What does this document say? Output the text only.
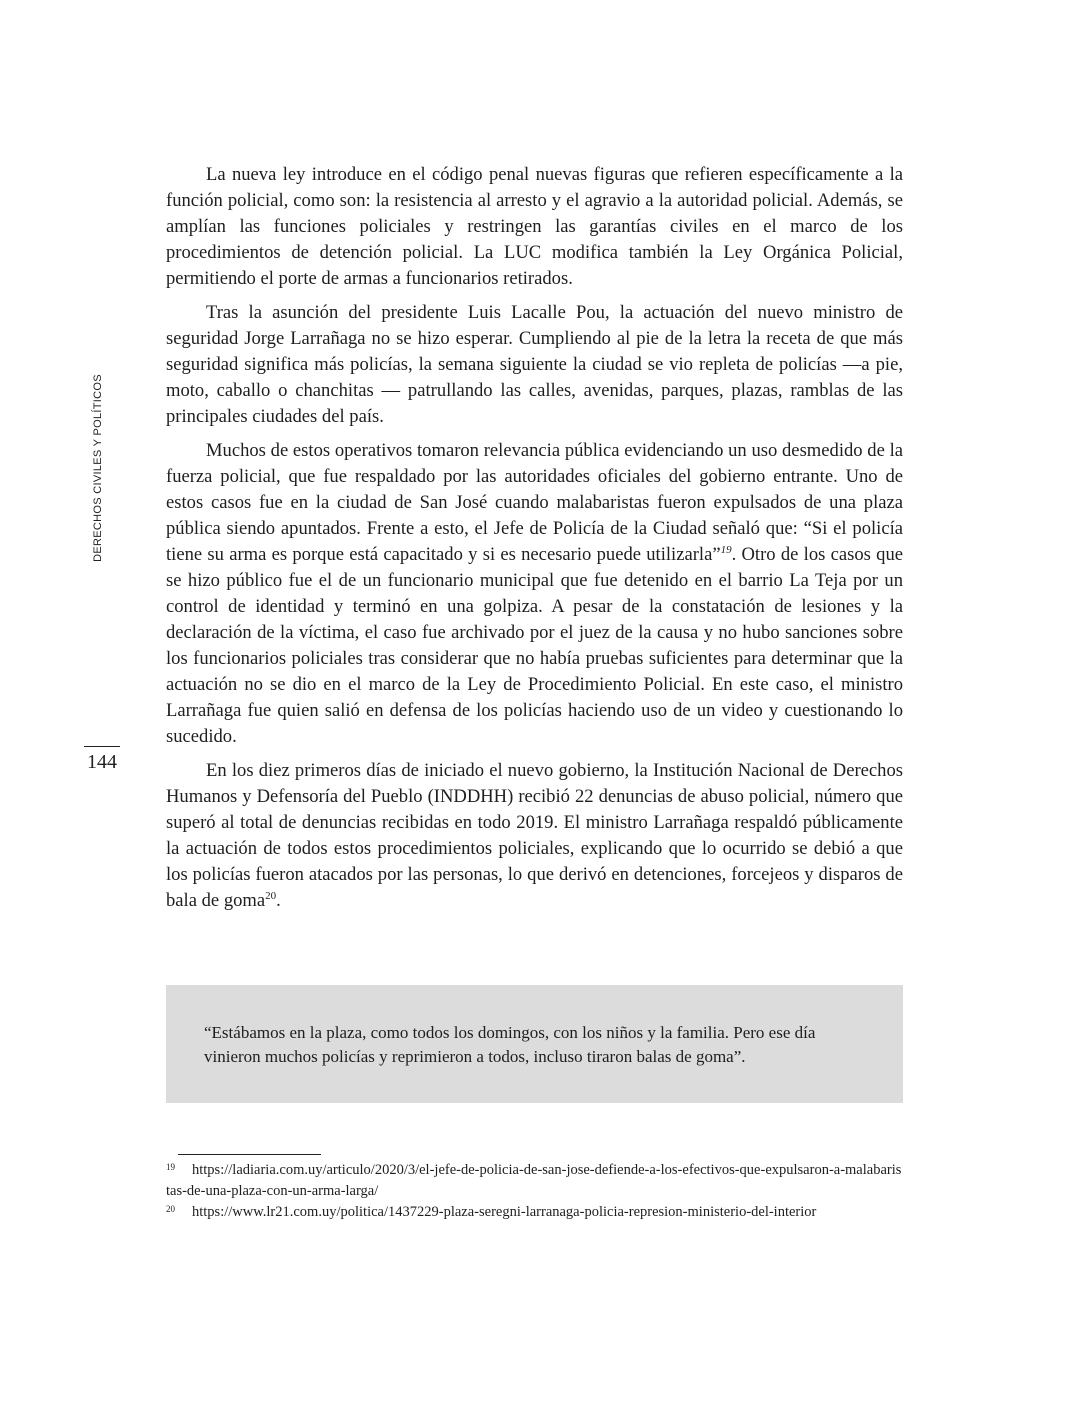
DERECHOS CIVILES Y POLÍTICOS
144

La nueva ley introduce en el código penal nuevas figuras que refieren específicamente a la función policial, como son: la resistencia al arresto y el agravio a la autoridad policial. Además, se amplían las funciones policiales y restringen las garantías civiles en el marco de los procedimientos de detención policial. La LUC modifica también la Ley Orgánica Policial, permitiendo el porte de armas a funcionarios retirados.

Tras la asunción del presidente Luis Lacalle Pou, la actuación del nuevo ministro de seguridad Jorge Larrañaga no se hizo esperar. Cumpliendo al pie de la letra la receta de que más seguridad significa más policías, la semana siguiente la ciudad se vio repleta de policías —a pie, moto, caballo o chanchitas — patrullando las calles, avenidas, parques, plazas, ramblas de las principales ciudades del país.

Muchos de estos operativos tomaron relevancia pública evidenciando un uso desmedido de la fuerza policial, que fue respaldado por las autoridades oficiales del gobierno entrante. Uno de estos casos fue en la ciudad de San José cuando malabaristas fueron expulsados de una plaza pública siendo apuntados. Frente a esto, el Jefe de Policía de la Ciudad señaló que: “Si el policía tiene su arma es porque está capacitado y si es necesario puede utilizarla”$^{19}$. Otro de los casos que se hizo público fue el de un funcionario municipal que fue detenido en el barrio La Teja por un control de identidad y terminó en una golpiza. A pesar de la constatación de lesiones y la declaración de la víctima, el caso fue archivado por el juez de la causa y no hubo sanciones sobre los funcionarios policiales tras considerar que no había pruebas suficientes para determinar que la actuación no se dio en el marco de la Ley de Procedimiento Policial. En este caso, el ministro Larrañaga fue quien salió en defensa de los policías haciendo uso de un video y cuestionando lo sucedido.

En los diez primeros días de iniciado el nuevo gobierno, la Institución Nacional de Derechos Humanos y Defensoría del Pueblo (INDDHH) recibió 22 denuncias de abuso policial, número que superó al total de denuncias recibidas en todo 2019. El ministro Larrañaga respaldó públicamente la actuación de todos estos procedimientos policiales, explicando que lo ocurrido se debió a que los policías fueron atacados por las personas, lo que derivó en detenciones, forcejeos y disparos de bala de goma$^{20}$.

“Estábamos en la plaza, como todos los domingos, con los niños y la familia. Pero ese día vinieron muchos policías y reprimieron a todos, incluso tiraron balas de goma”.

19 https://ladiaria.com.uy/articulo/2020/3/el-jefe-de-policia-de-san-jose-defiende-a-los-efectivos-que-expulsaron-a-malabaristas-de-una-plaza-con-un-arma-larga/

20 https://www.lr21.com.uy/politica/1437229-plaza-seregni-larranaga-policia-represion-ministerio-del-interior
